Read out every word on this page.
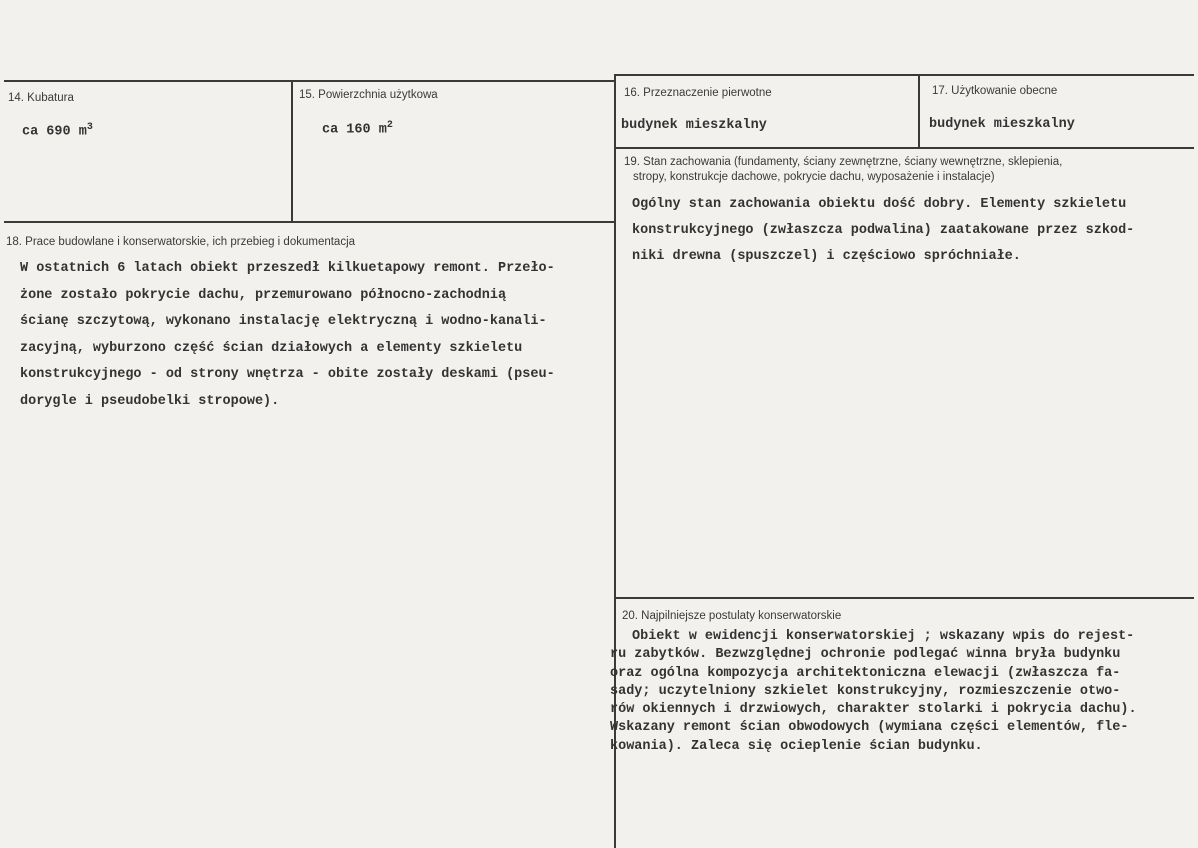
14. Kubatura
ca 690 $m^3$
15. Powierzchnia użytkowa
ca 160 $m^2$
16. Przeznaczenie pierwotne
budynek mieszkalny
17. Użytkowanie obecne
budynek mieszkalny
18. Prace budowlane i konserwatorskie, ich przebieg i dokumentacja
W ostatnich 6 latach obiekt przeszedł kilkuetapowy remont. Przeło-
żone zostało pokrycie dachu, przemurowano północno-zachodnią
ścianę szczytową, wykonano instalację elektryczną i wodno-kanali-
zacyjną, wyburzono część ścian działowych a elementy szkieletu
konstrukcyjnego - od strony wnętrza - obite zostały deskami (pseu-
dorygle i pseudobelki stropowe).
19. Stan zachowania (fundamenty, ściany zewnętrzne, ściany wewnętrzne, sklepienia,
stropy, konstrukcje dachowe, pokrycie dachu, wyposażenie i instalacje)
Ogólny stan zachowania obiektu dość dobry. Elementy szkieletu
konstrukcyjnego (zwłaszcza podwalina) zaatakowane przez szkod-
niki drewna (spuszczel) i częściowo spróchniałe.
20. Najpilniejsze postulaty konserwatorskie
Obiekt w ewidencji konserwatorskiej ; wskazany wpis do rejest-
ru zabytków. Bezwzględnej ochronie podlegać winna bryła budynku
oraz ogólna kompozycja architektoniczna elewacji (zwłaszcza fa-
sady; uczytelniony szkielet konstrukcyjny, rozmieszczenie otwo-
rów okiennych i drzwiowych, charakter stolarki i pokrycia dachu).
Wskazany remont ścian obwodowych (wymiana części elementów, fle-
kowania). Zaleca się ocieplenie ścian budynku.
